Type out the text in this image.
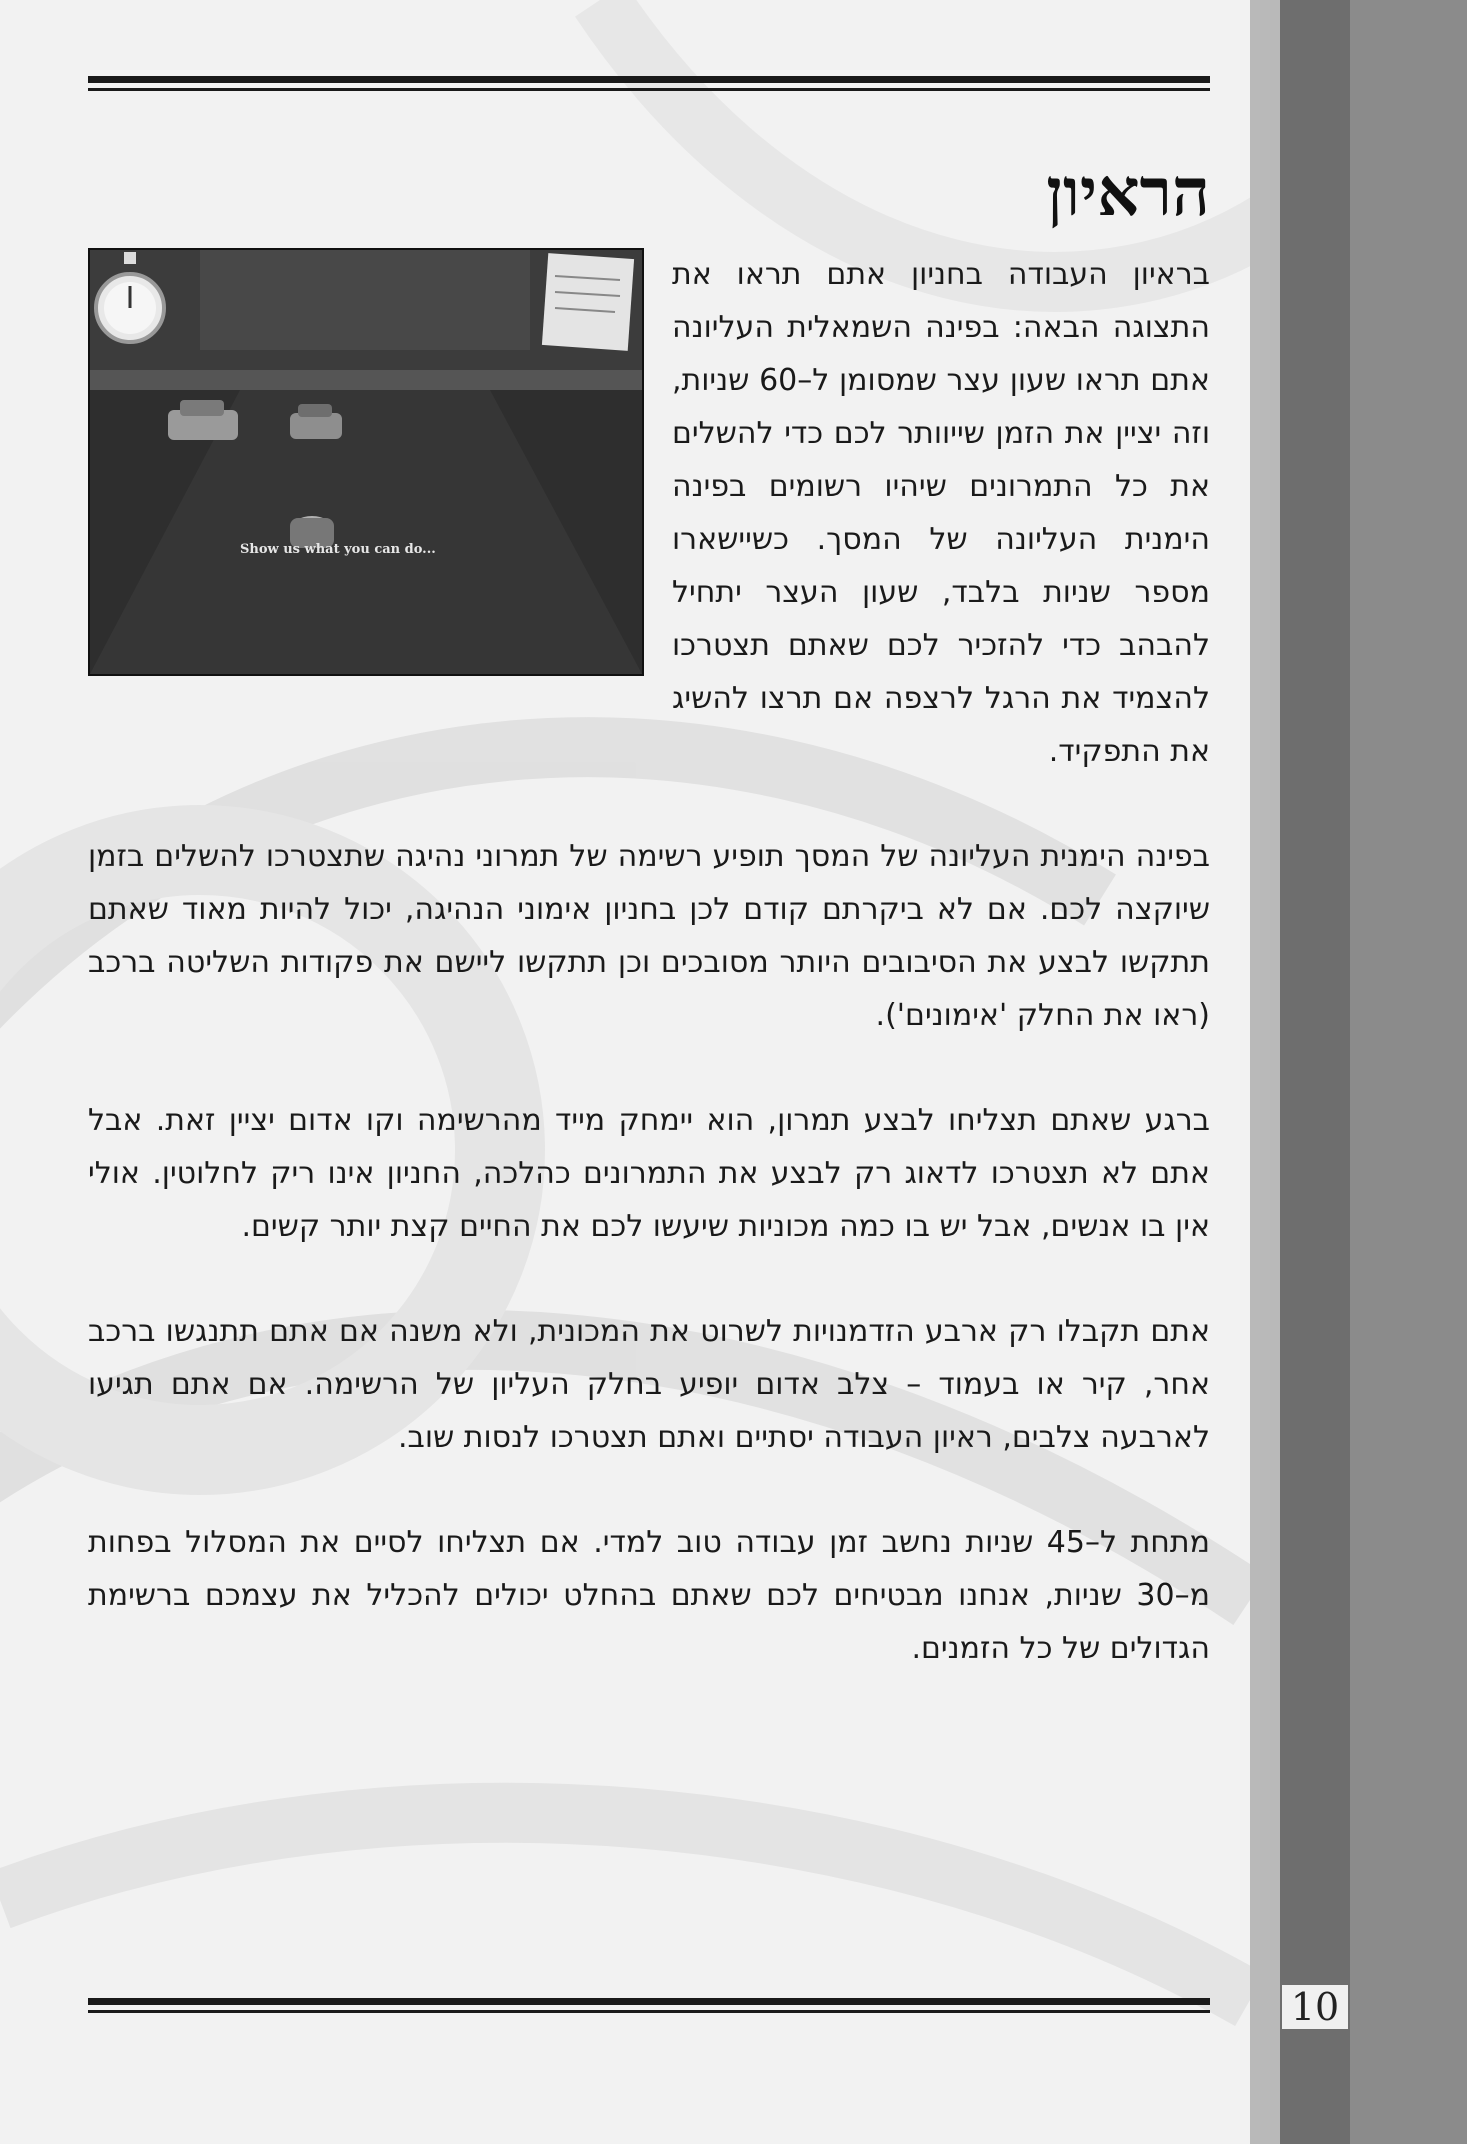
הראיון
Show us what you can do...

בראיון העבודה בחניון אתם תראו את התצוגה הבאה: בפינה השמאלית העליונה אתם תראו שעון עצר שמסומן ל–60 שניות, וזה יציין את הזמן שייוותר לכם כדי להשלים את כל התמרונים שיהיו רשומים בפינה הימנית העליונה של המסך. כשיישארו מספר שניות בלבד, שעון העצר יתחיל להבהב כדי להזכיר לכם שאתם תצטרכו להצמיד את הרגל לרצפה אם תרצו להשיג את התפקיד.

בפינה הימנית העליונה של המסך תופיע רשימה של תמרוני נהיגה שתצטרכו להשלים בזמן שיוקצה לכם. אם לא ביקרתם קודם לכן בחניון אימוני הנהיגה, יכול להיות מאוד שאתם תתקשו לבצע את הסיבובים היותר מסובכים וכן תתקשו ליישם את פקודות השליטה ברכב (ראו את החלק 'אימונים').

ברגע שאתם תצליחו לבצע תמרון, הוא יימחק מייד מהרשימה וקו אדום יציין זאת. אבל אתם לא תצטרכו לדאוג רק לבצע את התמרונים כהלכה, החניון אינו ריק לחלוטין. אולי אין בו אנשים, אבל יש בו כמה מכוניות שיעשו לכם את החיים קצת יותר קשים.

אתם תקבלו רק ארבע הזדמנויות לשרוט את המכונית, ולא משנה אם אתם תתנגשו ברכב אחר, קיר או בעמוד – צלב אדום יופיע בחלק העליון של הרשימה. אם אתם תגיעו לארבעה צלבים, ראיון העבודה יסתיים ואתם תצטרכו לנסות שוב.

מתחת ל–45 שניות נחשב זמן עבודה טוב למדי. אם תצליחו לסיים את המסלול בפחות מ–30 שניות, אנחנו מבטיחים לכם שאתם בהחלט יכולים להכליל את עצמכם ברשימת הגדולים של כל הזמנים.

10
